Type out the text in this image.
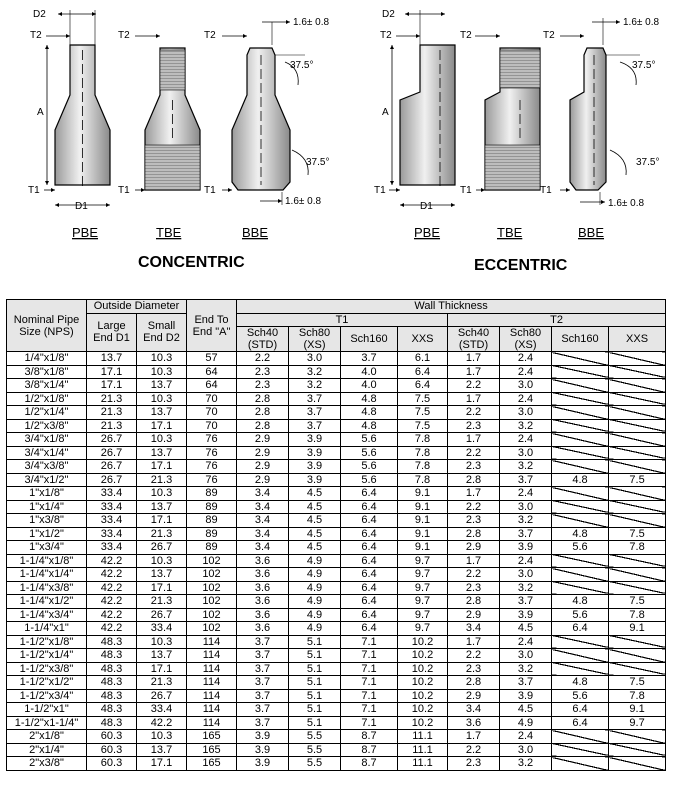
D2
T2
A
T1
D1
T2
T1
T2
1.6± 0.8
37.5°
37.5°
T1
1.6± 0.8
D2
T2
A
T1
D1
T2
T1
T2
1.6± 0.8
37.5°
37.5°
T1
1.6± 0.8
PBE	TBE	BBE	PBE	TBE	BBE
CONCENTRIC	ECCENTRIC
Nominal Pipe Size (NPS)	Outside Diameter		End To End "A"	Wall Thickness							
	Large End D1	Small End D2		T1				T2			
				Sch40 (STD)	Sch80 (XS)	Sch160	XXS	Sch40 (STD)	Sch80 (XS)	Sch160	XXS
1/4"x1/8"	13.7	10.3	57	2.2	3.0	3.7	6.1	1.7	2.4		
3/8"x1/8"	17.1	10.3	64	2.3	3.2	4.0	6.4	1.7	2.4		
3/8"x1/4"	17.1	13.7	64	2.3	3.2	4.0	6.4	2.2	3.0		
1/2"x1/8"	21.3	10.3	70	2.8	3.7	4.8	7.5	1.7	2.4		
1/2"x1/4"	21.3	13.7	70	2.8	3.7	4.8	7.5	2.2	3.0		
1/2"x3/8"	21.3	17.1	70	2.8	3.7	4.8	7.5	2.3	3.2		
3/4"x1/8"	26.7	10.3	76	2.9	3.9	5.6	7.8	1.7	2.4		
3/4"x1/4"	26.7	13.7	76	2.9	3.9	5.6	7.8	2.2	3.0		
3/4"x3/8"	26.7	17.1	76	2.9	3.9	5.6	7.8	2.3	3.2		
3/4"x1/2"	26.7	21.3	76	2.9	3.9	5.6	7.8	2.8	3.7	4.8	7.5
1"x1/8"	33.4	10.3	89	3.4	4.5	6.4	9.1	1.7	2.4		
1"x1/4"	33.4	13.7	89	3.4	4.5	6.4	9.1	2.2	3.0		
1"x3/8"	33.4	17.1	89	3.4	4.5	6.4	9.1	2.3	3.2		
1"x1/2"	33.4	21.3	89	3.4	4.5	6.4	9.1	2.8	3.7	4.8	7.5
1"x3/4"	33.4	26.7	89	3.4	4.5	6.4	9.1	2.9	3.9	5.6	7.8
1-1/4"x1/8"	42.2	10.3	102	3.6	4.9	6.4	9.7	1.7	2.4		
1-1/4"x1/4"	42.2	13.7	102	3.6	4.9	6.4	9.7	2.2	3.0		
1-1/4"x3/8"	42.2	17.1	102	3.6	4.9	6.4	9.7	2.3	3.2		
1-1/4"x1/2"	42.2	21.3	102	3.6	4.9	6.4	9.7	2.8	3.7	4.8	7.5
1-1/4"x3/4"	42.2	26.7	102	3.6	4.9	6.4	9.7	2.9	3.9	5.6	7.8
1-1/4"x1"	42.2	33.4	102	3.6	4.9	6.4	9.7	3.4	4.5	6.4	9.1
1-1/2"x1/8"	48.3	10.3	114	3.7	5.1	7.1	10.2	1.7	2.4		
1-1/2"x1/4"	48.3	13.7	114	3.7	5.1	7.1	10.2	2.2	3.0		
1-1/2"x3/8"	48.3	17.1	114	3.7	5.1	7.1	10.2	2.3	3.2		
1-1/2"x1/2"	48.3	21.3	114	3.7	5.1	7.1	10.2	2.8	3.7	4.8	7.5
1-1/2"x3/4"	48.3	26.7	114	3.7	5.1	7.1	10.2	2.9	3.9	5.6	7.8
1-1/2"x1"	48.3	33.4	114	3.7	5.1	7.1	10.2	3.4	4.5	6.4	9.1
1-1/2"x1-1/4"	48.3	42.2	114	3.7	5.1	7.1	10.2	3.6	4.9	6.4	9.7
2"x1/8"	60.3	10.3	165	3.9	5.5	8.7	11.1	1.7	2.4		
2"x1/4"	60.3	13.7	165	3.9	5.5	8.7	11.1	2.2	3.0		
2"x3/8"	60.3	17.1	165	3.9	5.5	8.7	11.1	2.3	3.2		
